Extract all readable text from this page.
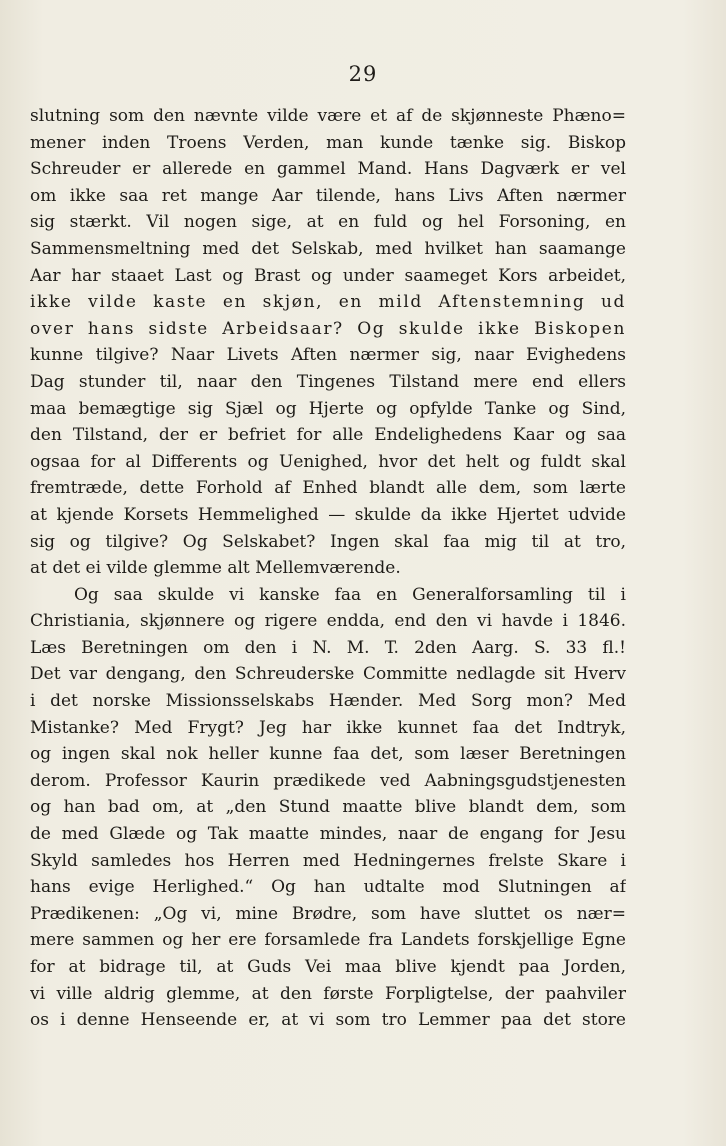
29
slutning som den nævnte vilde være et af de skjønneste Phæno=
mener inden Troens Verden, man kunde tænke sig. Biskop
Schreuder er allerede en gammel Mand. Hans Dagværk er vel
om ikke saa ret mange Aar tilende, hans Livs Aften nærmer
sig stærkt. Vil nogen sige, at en fuld og hel Forsoning, en
Sammensmeltning med det Selskab, med hvilket han saamange
Aar har staaet Last og Brast og under saameget Kors arbeidet,
ikke vilde kaste en skjøn, en mild Aftenstemning ud
over hans sidste Arbeidsaar? Og skulde ikke Biskopen
kunne tilgive? Naar Livets Aften nærmer sig, naar Evighedens
Dag stunder til, naar den Tingenes Tilstand mere end ellers
maa bemægtige sig Sjæl og Hjerte og opfylde Tanke og Sind,
den Tilstand, der er befriet for alle Endelighedens Kaar og saa
ogsaa for al Differents og Uenighed, hvor det helt og fuldt skal
fremtræde, dette Forhold af Enhed blandt alle dem, som lærte
at kjende Korsets Hemmelighed — skulde da ikke Hjertet udvide
sig og tilgive? Og Selskabet? Ingen skal faa mig til at tro,
at det ei vilde glemme alt Mellemværende.
Og saa skulde vi kanske faa en Generalforsamling til i
Christiania, skjønnere og rigere endda, end den vi havde i 1846.
Læs Beretningen om den i N. M. T. 2den Aarg. S. 33 fl.!
Det var dengang, den Schreuderske Committe nedlagde sit Hverv
i det norske Missionsselskabs Hænder. Med Sorg mon? Med
Mistanke? Med Frygt? Jeg har ikke kunnet faa det Indtryk,
og ingen skal nok heller kunne faa det, som læser Beretningen
derom. Professor Kaurin prædikede ved Aabningsgudstjenesten
og han bad om, at „den Stund maatte blive blandt dem, som
de med Glæde og Tak maatte mindes, naar de engang for Jesu
Skyld samledes hos Herren med Hedningernes frelste Skare i
hans evige Herlighed.“ Og han udtalte mod Slutningen af
Prædikenen: „Og vi, mine Brødre, som have sluttet os nær=
mere sammen og her ere forsamlede fra Landets forskjellige Egne
for at bidrage til, at Guds Vei maa blive kjendt paa Jorden,
vi ville aldrig glemme, at den første Forpligtelse, der paahviler
os i denne Henseende er, at vi som tro Lemmer paa det store
